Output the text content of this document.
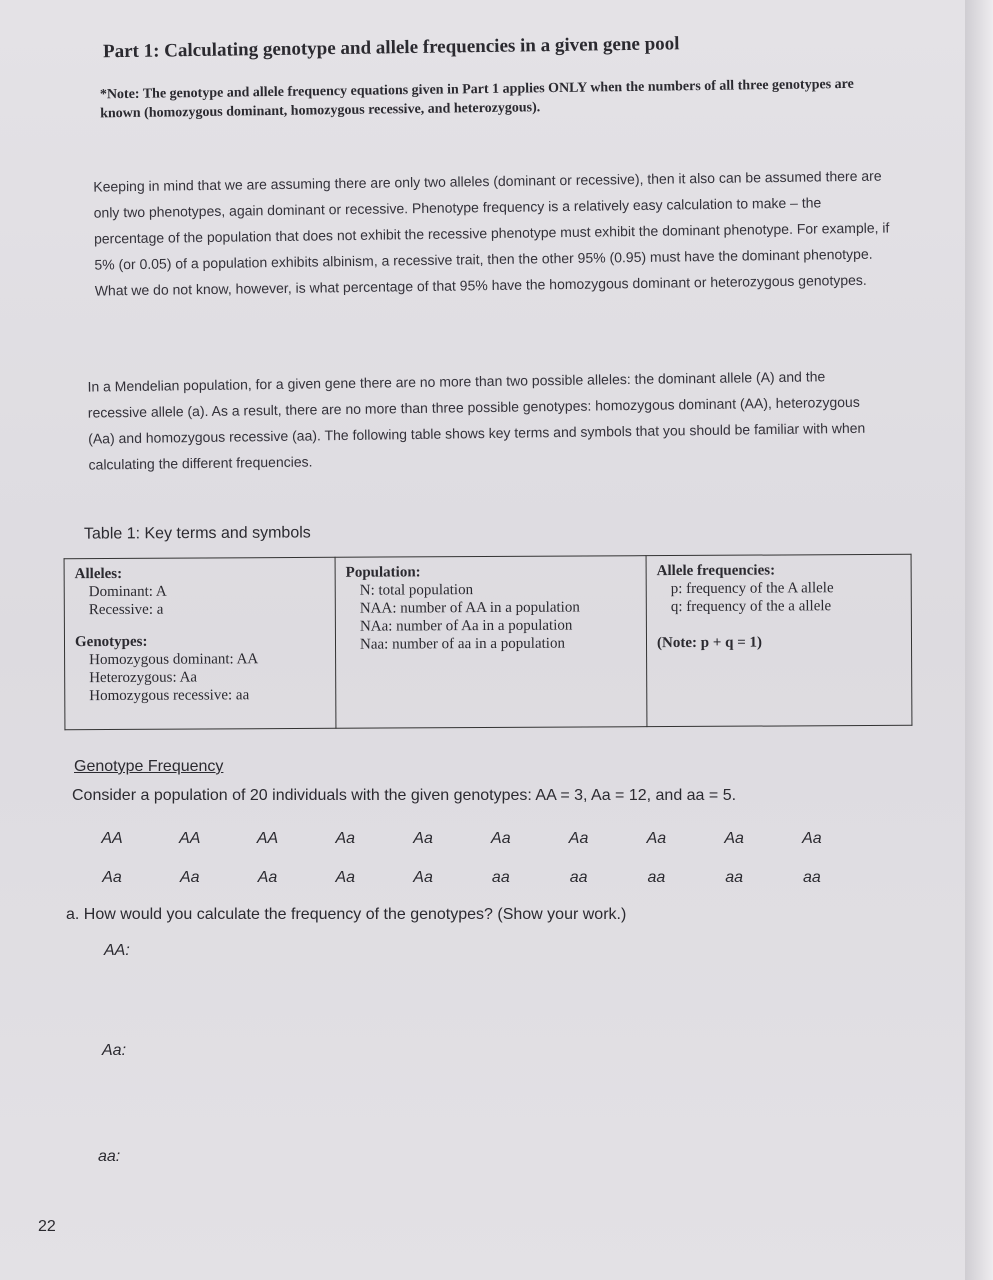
Part 1: Calculating genotype and allele frequencies in a given gene pool
*Note: The genotype and allele frequency equations given in Part 1 applies ONLY when the numbers of all three genotypes are known (homozygous dominant, homozygous recessive, and heterozygous).
Keeping in mind that we are assuming there are only two alleles (dominant or recessive), then it also can be assumed there are only two phenotypes, again dominant or recessive. Phenotype frequency is a relatively easy calculation to make – the percentage of the population that does not exhibit the recessive phenotype must exhibit the dominant phenotype. For example, if 5% (or 0.05) of a population exhibits albinism, a recessive trait, then the other 95% (0.95) must have the dominant phenotype. What we do not know, however, is what percentage of that 95% have the homozygous dominant or heterozygous genotypes.
In a Mendelian population, for a given gene there are no more than two possible alleles: the dominant allele (A) and the recessive allele (a). As a result, there are no more than three possible genotypes: homozygous dominant (AA), heterozygous (Aa) and homozygous recessive (aa). The following table shows key terms and symbols that you should be familiar with when calculating the different frequencies.
Table 1: Key terms and symbols
Alleles:
Dominant: A
Recessive: a
Genotypes:
Homozygous dominant: AA
Heterozygous: Aa
Homozygous recessive: aa

Population:
N: total population
NAA: number of AA in a population
NAa: number of Aa in a population
Naa: number of aa in a population

Allele frequencies:
p: frequency of the A allele
q: frequency of the a allele
(Note: p + q = 1)
Genotype Frequency
Consider a population of 20 individuals with the given genotypes: AA = 3, Aa = 12, and aa = 5.
AA	AA	AA	Aa	Aa	Aa	Aa	Aa	Aa	Aa
Aa	Aa	Aa	Aa	Aa	aa	aa	aa	aa	aa
a. How would you calculate the frequency of the genotypes? (Show your work.)
AA:
Aa:
aa:
22
